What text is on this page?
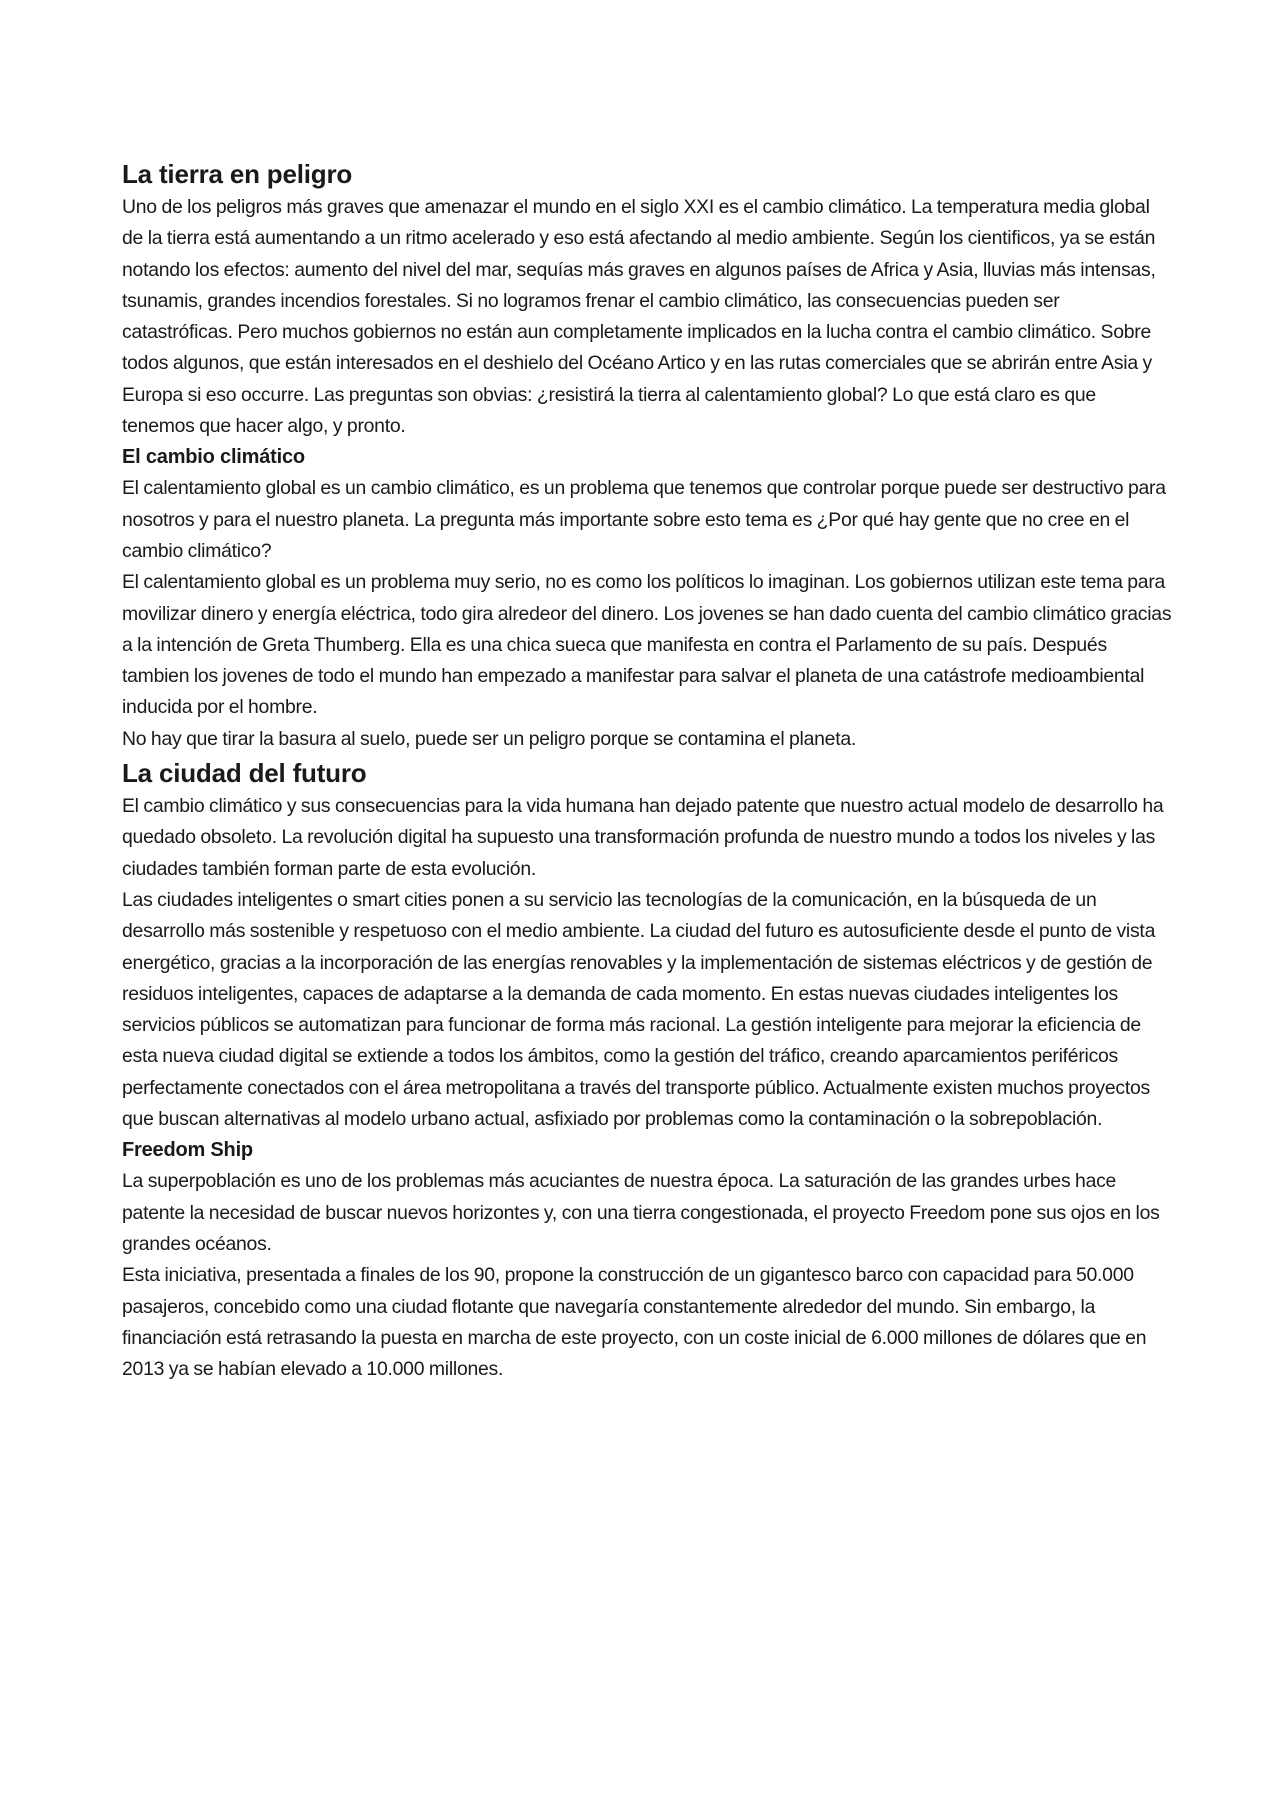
La tierra en peligro

Uno de los peligros más graves que amenazar el mundo en el siglo XXI es el cambio climático. La temperatura media global de la tierra está aumentando a un ritmo acelerado y eso está afectando al medio ambiente. Según los cientificos, ya se están notando los efectos: aumento del nivel del mar, sequías más graves en algunos países de Africa y Asia, lluvias más intensas, tsunamis, grandes incendios forestales. Si no logramos frenar el cambio climático, las consecuencias pueden ser catastróficas. Pero muchos gobiernos no están aun completamente implicados en la lucha contra el cambio climático. Sobre todos algunos, que están interesados en el deshielo del Océano Artico y en las rutas comerciales que se abrirán entre Asia y Europa si eso occurre. Las preguntas son obvias: ¿resistirá la tierra al calentamiento global? Lo que está claro es que tenemos que hacer algo, y pronto.

El cambio climático

El calentamiento global es un cambio climático, es un problema que tenemos que controlar porque puede ser destructivo para nosotros y para el nuestro planeta. La pregunta más importante sobre esto tema es ¿Por qué hay gente que no cree en el cambio climático?

El calentamiento global es un problema muy serio, no es como los políticos lo imaginan. Los gobiernos utilizan este tema para movilizar dinero y energía eléctrica, todo gira alredeor del dinero. Los jovenes se han dado cuenta del cambio climático gracias a la intención de Greta Thumberg. Ella es una chica sueca que manifesta en contra el Parlamento de su país. Después tambien los jovenes de todo el mundo han empezado a manifestar para salvar el planeta de una catástrofe medioambiental inducida por el hombre.

No hay que tirar la basura al suelo, puede ser un peligro porque se contamina el planeta.

La ciudad del futuro

El cambio climático y sus consecuencias para la vida humana han dejado patente que nuestro actual modelo de desarrollo ha quedado obsoleto. La revolución digital ha supuesto una transformación profunda de nuestro mundo a todos los niveles y las ciudades también forman parte de esta evolución.

Las ciudades inteligentes o smart cities ponen a su servicio las tecnologías de la comunicación, en la búsqueda de un desarrollo más sostenible y respetuoso con el medio ambiente. La ciudad del futuro es autosuficiente desde el punto de vista energético, gracias a la incorporación de las energías renovables y la implementación de sistemas eléctricos y de gestión de residuos inteligentes, capaces de adaptarse a la demanda de cada momento. En estas nuevas ciudades inteligentes los servicios públicos se automatizan para funcionar de forma más racional. La gestión inteligente para mejorar la eficiencia de esta nueva ciudad digital se extiende a todos los ámbitos, como la gestión del tráfico, creando aparcamientos periféricos perfectamente conectados con el área metropolitana a través del transporte público. Actualmente existen muchos proyectos que buscan alternativas al modelo urbano actual, asfixiado por problemas como la contaminación o la sobrepoblación.

Freedom Ship

La superpoblación es uno de los problemas más acuciantes de nuestra época. La saturación de las grandes urbes hace patente la necesidad de buscar nuevos horizontes y, con una tierra congestionada, el proyecto Freedom pone sus ojos en los grandes océanos.

Esta iniciativa, presentada a finales de los 90, propone la construcción de un gigantesco barco con capacidad para 50.000 pasajeros, concebido como una ciudad flotante que navegaría constantemente alrededor del mundo. Sin embargo, la financiación está retrasando la puesta en marcha de este proyecto, con un coste inicial de 6.000 millones de dólares que en 2013 ya se habían elevado a 10.000 millones.
